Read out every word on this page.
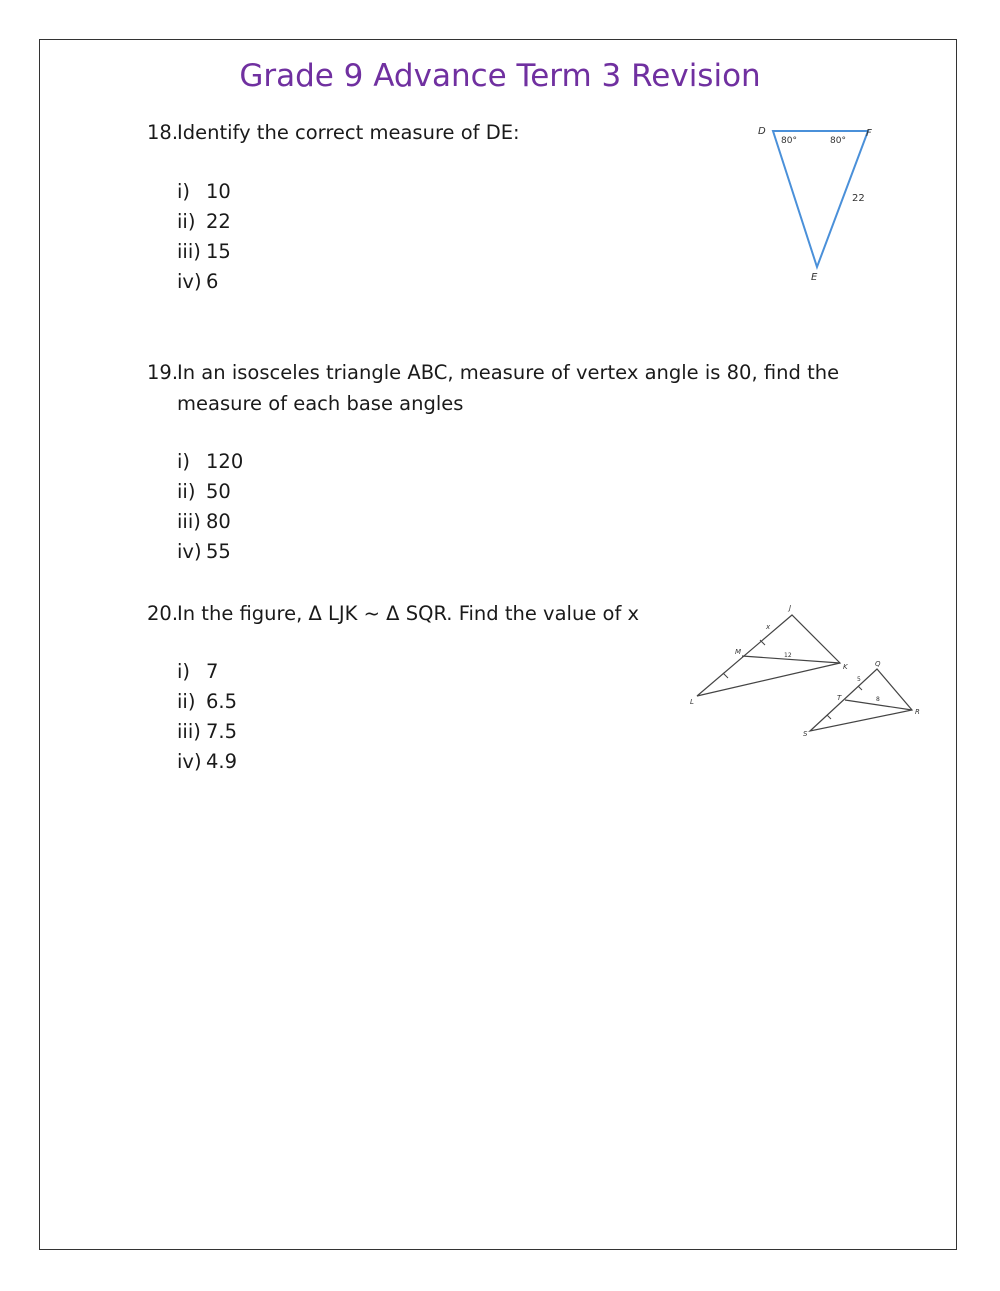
Grade 9 Advance Term 3 Revision
18.
Identify the correct measure of DE:
i) 10
ii) 22
iii) 15
iv) 6
D	F
E
80°	80°
22
19.
In an isosceles triangle ABC, measure of vertex angle is 80, find the measure of each base angles
i) 120
ii) 50
iii) 80
iv) 55
20.
In the figure, Δ LJK ~ Δ SQR. Find the value of x
i) 7
ii) 6.5
iii) 7.5
iv) 4.9
J
M
K
L
x
12
Q
T
R
S
5
8
